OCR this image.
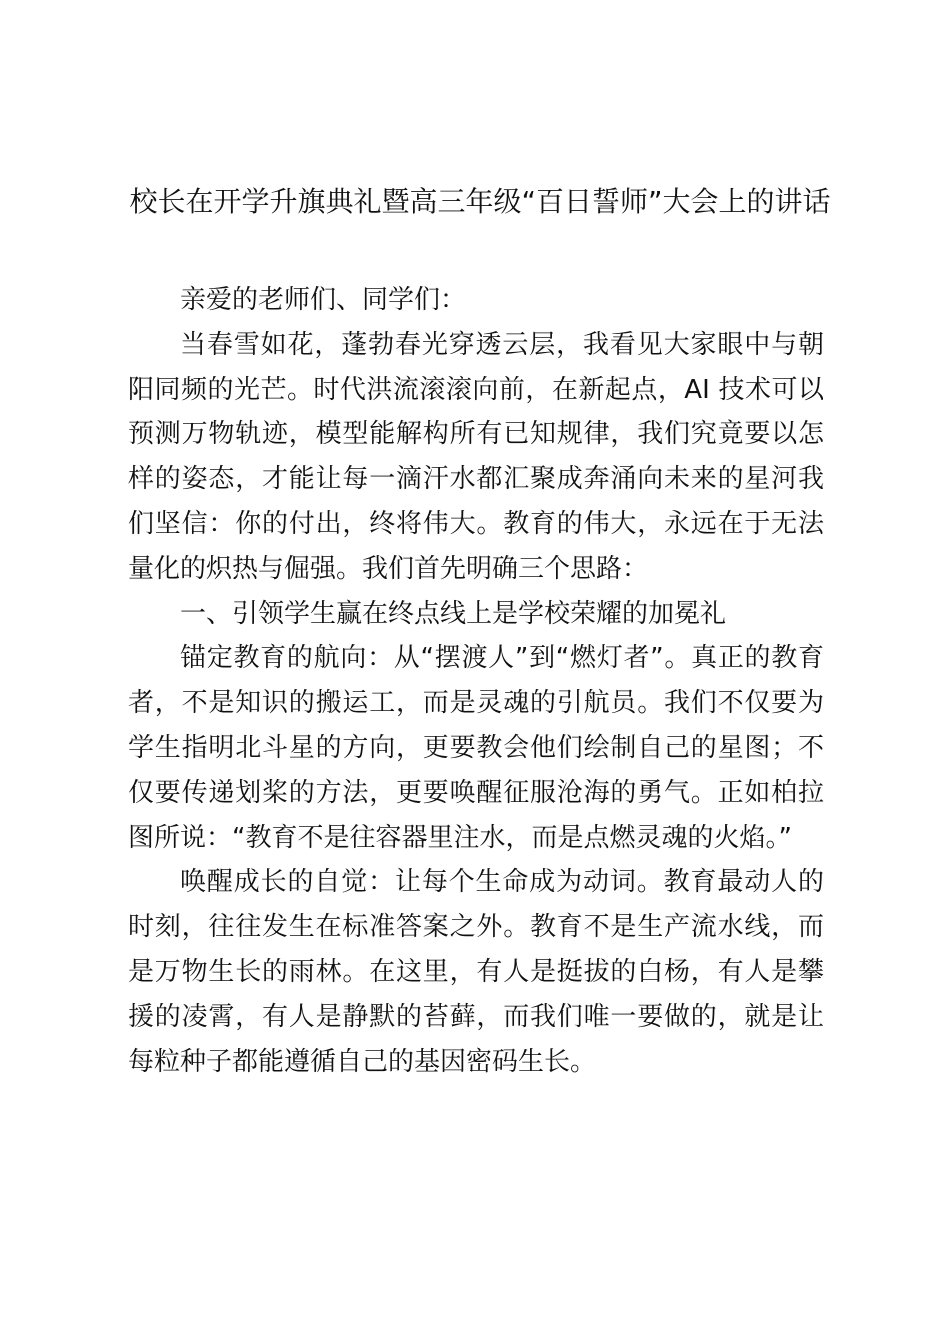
校长在开学升旗典礼暨高三年级“百日誓师”大会上的讲话

亲爱的老师们、同学们：

当春雪如花，蓬勃春光穿透云层，我看见大家眼中与朝阳同频的光芒。时代洪流滚滚向前，在新起点，AI 技术可以预测万物轨迹，模型能解构所有已知规律，我们究竟要以怎样的姿态，才能让每一滴汗水都汇聚成奔涌向未来的星河我们坚信：你的付出，终将伟大。教育的伟大，永远在于无法量化的炽热与倔强。我们首先明确三个思路：

一、引领学生赢在终点线上是学校荣耀的加冕礼

锚定教育的航向：从“摆渡人”到“燃灯者”。真正的教育者，不是知识的搬运工，而是灵魂的引航员。我们不仅要为学生指明北斗星的方向，更要教会他们绘制自己的星图；不仅要传递划桨的方法，更要唤醒征服沧海的勇气。正如柏拉图所说：“教育不是往容器里注水，而是点燃灵魂的火焰。”

唤醒成长的自觉：让每个生命成为动词。教育最动人的时刻，往往发生在标准答案之外。教育不是生产流水线，而是万物生长的雨林。在这里，有人是挺拔的白杨，有人是攀援的凌霄，有人是静默的苔藓，而我们唯一要做的，就是让每粒种子都能遵循自己的基因密码生长。
